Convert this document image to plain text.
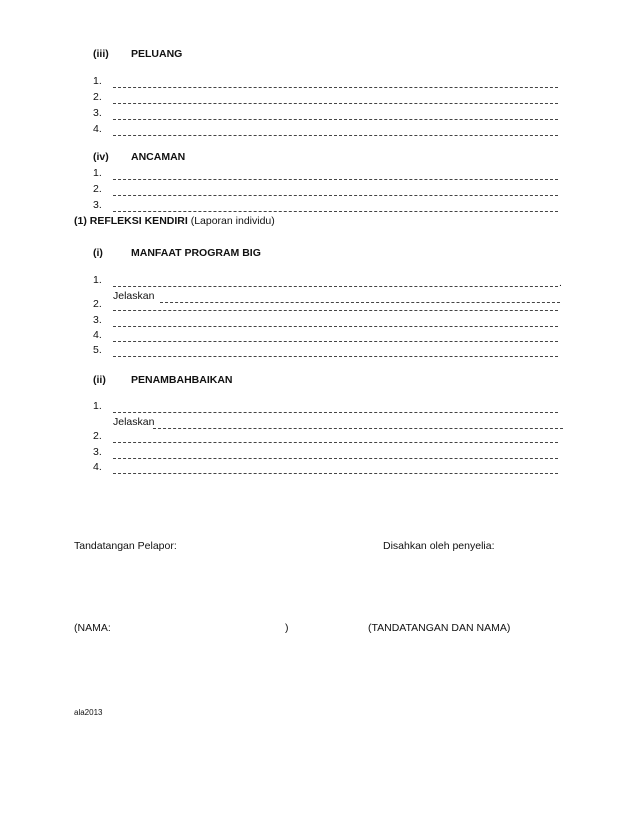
(iii) PELUANG
1.
2.
3.
4.
(iv) ANCAMAN
1.
2.
3.
(1) REFLEKSI KENDIRI (Laporan individu)
(i)	MANFAAT PROGRAM BIG
1.	.
Jelaskan
2.
3.
4.
5.
(ii) PENAMBAHBAIKAN
1.
Jelaskan
2.
3.
4.
Tandatangan Pelapor:	Disahkan oleh penyelia:
(NAMA:	)	(TANDATANGAN DAN NAMA)
ala2013
